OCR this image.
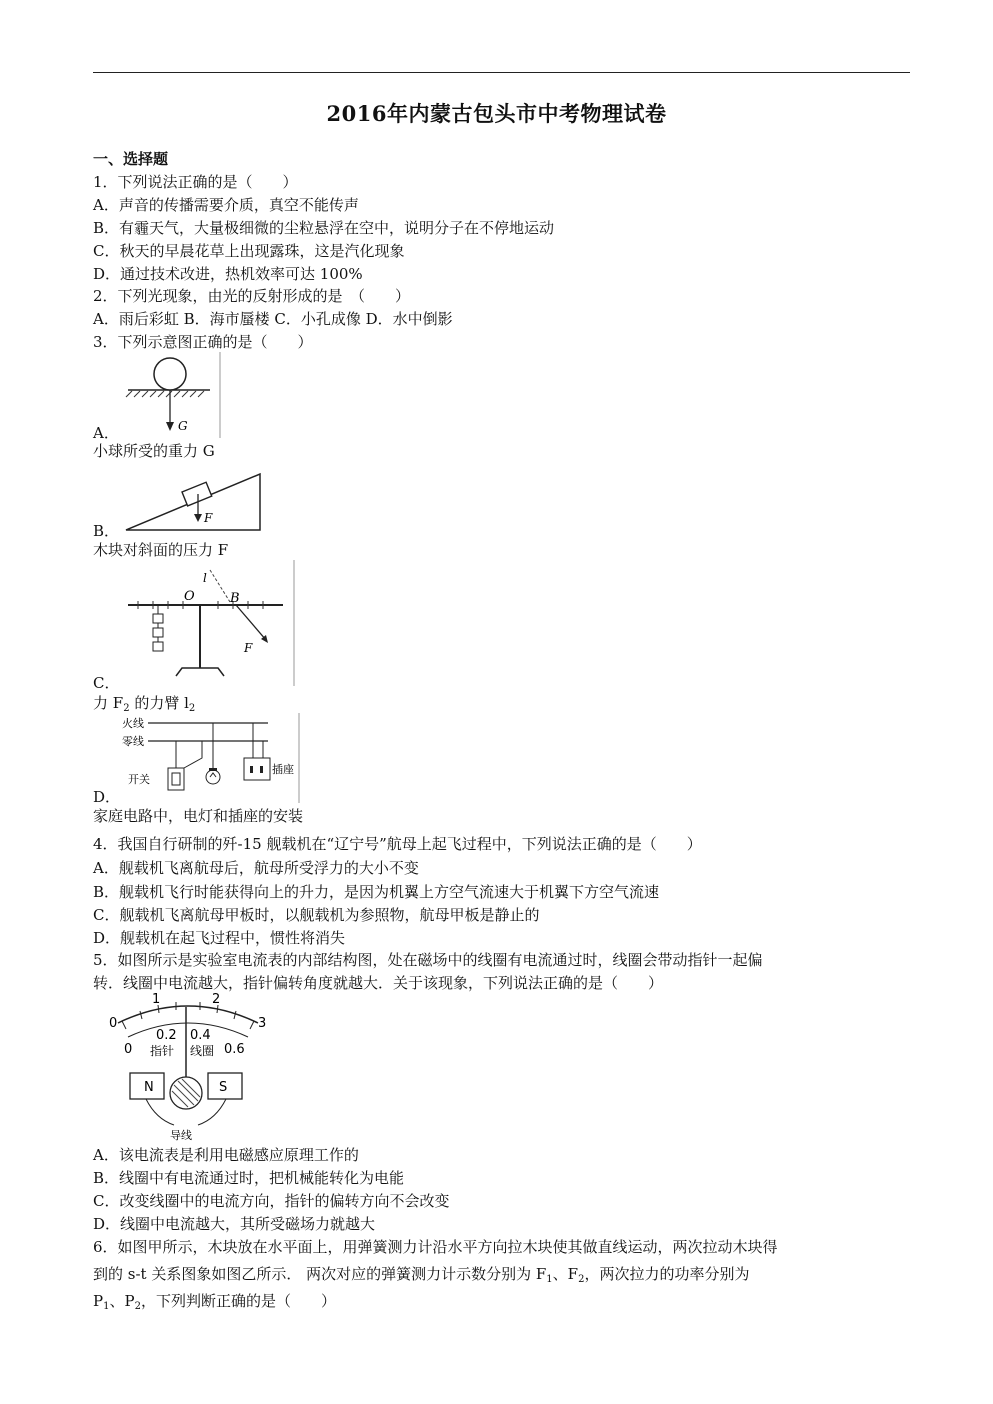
2016年内蒙古包头市中考物理试卷
一、选择题
1．下列说法正确的是（　　）
A．声音的传播需要介质，真空不能传声
B．有霾天气，大量极细微的尘粒悬浮在空中，说明分子在不停地运动
C．秋天的早晨花草上出现露珠，这是汽化现象
D．通过技术改进，热机效率可达 100%
2．下列光现象，由光的反射形成的是　（　　）
A．雨后彩虹 B．海市蜃楼 C．小孔成像 D．水中倒影
3．下列示意图正确的是（　　）
G
A．
小球所受的重力 G
F
B．
木块对斜面的压力 F
O
l
B
F
C．
力 $F_2$ 的力臂 $l_2$
火线
零线
插座
开关
D．
家庭电路中，电灯和插座的安装
4．我国自行研制的歼-15 舰载机在“辽宁号”航母上起飞过程中，下列说法正确的是（　　）
A．舰载机飞离航母后，航母所受浮力的大小不变
B．舰载机飞行时能获得向上的升力，是因为机翼上方空气流速大于机翼下方空气流速
C．舰载机飞离航母甲板时，以舰载机为参照物，航母甲板是静止的
D．舰载机在起飞过程中，惯性将消失
5．如图所示是实验室电流表的内部结构图，处在磁场中的线圈有电流通过时，线圈会带动指针一起偏
转．线圈中电流越大，指针偏转角度就越大．关于该现象，下列说法正确的是（　　）
0
1	2
3
0
0.2 0.4
0.6
指针 线圈
N	S
导线
A．该电流表是利用电磁感应原理工作的
B．线圈中有电流通过时，把机械能转化为电能
C．改变线圈中的电流方向，指针的偏转方向不会改变
D．线圈中电流越大，其所受磁场力就越大
6．如图甲所示，木块放在水平面上，用弹簧测力计沿水平方向拉木块使其做直线运动，两次拉动木块得
到的 s-t 关系图象如图乙所示． 两次对应的弹簧测力计示数分别为 $F_1$、$F_2$，两次拉力的功率分别为
$P_1$、$P_2$，下列判断正确的是（　　）
